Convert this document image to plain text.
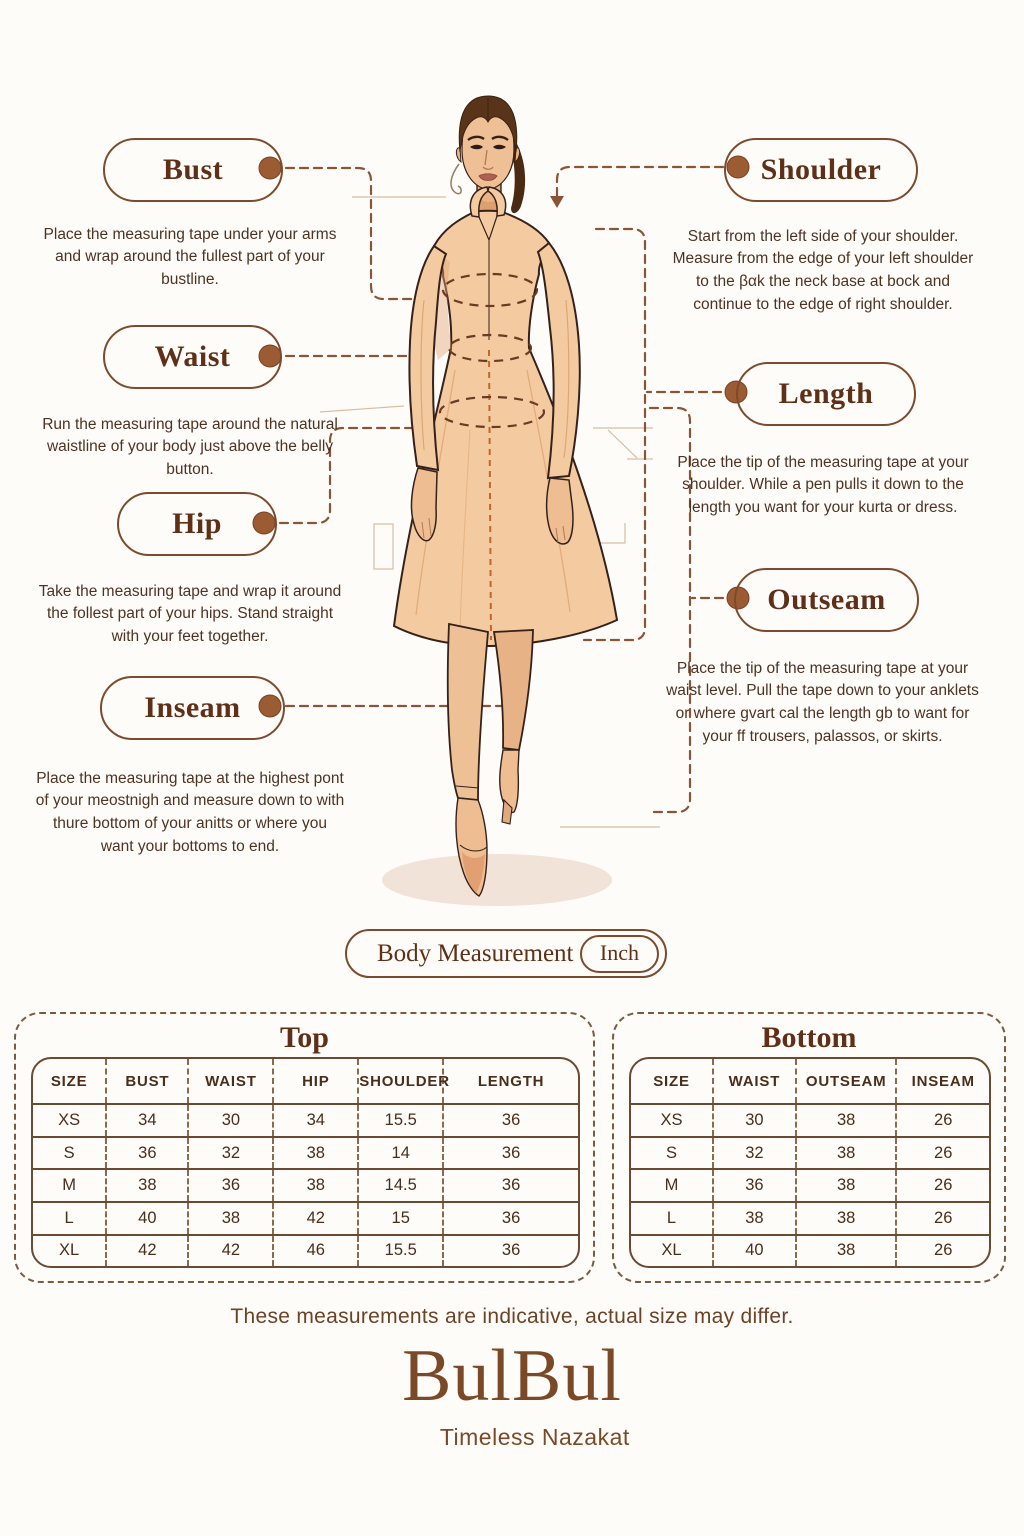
Bust
Waist
Hip
Inseam
Shoulder
Length
Outseam

Place the measuring tape under your arms and wrap around the fullest part of your bustline.

Run the measuring tape around the natural waistline of your body just above the belly button.

Take the measuring tape and wrap it around the follest part of your hips. Stand straight with your feet together.

Place the measuring tape at the highest pont of your meostnigh and measure down to with thure bottom of your anitts or where you want your bottoms to end.

Start from the left side of your shoulder. Measure from the edge of your left shoulder to the βαk the neck base at bock and continue to the edge of right shoulder.

Place the tip of the measuring tape at your shoulder. While a pen pulls it down to the length you want for your kurta or dress.

Place the tip of the measuring tape at your waist level. Pull the tape down to your anklets or where gvart cal the length gb to want for your ff trousers, palassos, or skirts.

Body Measurement	Inch
Top
SIZE	BUST	WAIST	HIP	SHOULDER	LENGTH
XS	34	30	34	15.5	36
S	36	32	38	14	36
M	38	36	38	14.5	36
L	40	38	42	15	36
XL	42	42	46	15.5	36
Bottom
SIZE	WAIST	OUTSEAM	INSEAM
XS	30	38	26
S	32	38	26
M	36	38	26
L	38	38	26
XL	40	38	26
These measurements are indicative, actual size may differ.
BulBul
Timeless Nazakat
